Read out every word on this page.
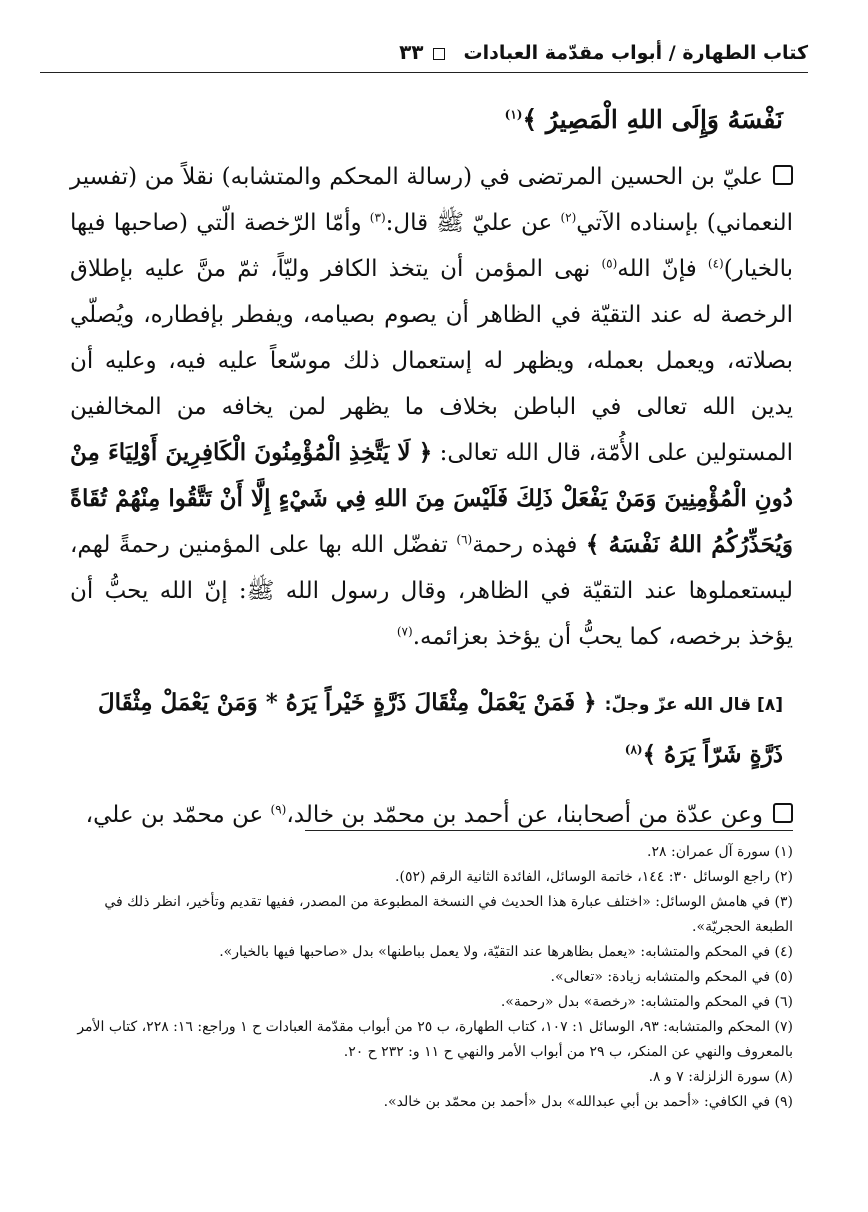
كتاب الطهارة / أبواب مقدّمة العبادات
٣٣
نَفْسَهُ وَإِلَى اللهِ الْمَصِيرُ ﴾$^{(١)}$

عليّ بن الحسين المرتضى في (رسالة المحكم والمتشابه) نقلاً من (تفسير النعماني) بإسناده الآتي$^{(٢)}$ عن عليّ ﷺ قال:$^{(٣)}$ وأمّا الرّخصة الّتي (صاحبها فيها بالخيار)$^{(٤)}$ فإنّ الله$^{(٥)}$ نهى المؤمن أن يتخذ الكافر وليّاً، ثمّ منَّ عليه بإطلاق الرخصة له عند التقيّة في الظاهر أن يصوم بصيامه، ويفطر بإفطاره، ويُصلّي بصلاته، ويعمل بعمله، ويظهر له إستعمال ذلك موسّعاً عليه فيه، وعليه أن يدين الله تعالى في الباطن بخلاف ما يظهر لمن يخافه من المخالفين المستولين على الأُمّة، قال الله تعالى: ﴿ لَا يَتَّخِذِ الْمُؤْمِنُونَ الْكَافِرِينَ أَوْلِيَاءَ مِنْ دُونِ الْمُؤْمِنِينَ وَمَنْ يَفْعَلْ ذَلِكَ فَلَيْسَ مِنَ اللهِ فِي شَيْءٍ إِلَّا أَنْ تَتَّقُوا مِنْهُمْ تُقَاةً وَيُحَذِّرُكُمُ اللهُ نَفْسَهُ ﴾ فهذه رحمة$^{(٦)}$ تفضّل الله بها على المؤمنين رحمةً لهم، ليستعملوها عند التقيّة في الظاهر، وقال رسول الله ﷺ: إنّ الله يحبُّ أن يؤخذ برخصه، كما يحبُّ أن يؤخذ بعزائمه.$^{(٧)}$

[٨] قال الله عزّ وجلّ: ﴿ فَمَنْ يَعْمَلْ مِثْقَالَ ذَرَّةٍ خَيْراً يَرَهُ * وَمَنْ يَعْمَلْ مِثْقَالَ ذَرَّةٍ شَرّاً يَرَهُ ﴾$^{(٨)}$

وعن عدّة من أصحابنا، عن أحمد بن محمّد بن خالد،$^{(٩)}$ عن محمّد بن علي،

(١) سورة آل عمران: ٢٨.

(٢) راجع الوسائل ٣٠: ١٤٤، خاتمة الوسائل، الفائدة الثانية الرقم (٥٢).

(٣) في هامش الوسائل: «اختلف عبارة هذا الحديث في النسخة المطبوعة من المصدر، ففيها تقديم وتأخير، انظر ذلك في الطبعة الحجريّة».

(٤) في المحكم والمتشابه: «يعمل بظاهرها عند التقيّة، ولا يعمل بباطنها» بدل «صاحبها فيها بالخيار».

(٥) في المحكم والمتشابه زيادة: «تعالى».

(٦) في المحكم والمتشابه: «رخصة» بدل «رحمة».

(٧) المحكم والمتشابه: ٩٣، الوسائل ١: ١٠٧، كتاب الطهارة، ب ٢٥ من أبواب مقدّمة العبادات ح ١ وراجع: ١٦: ٢٢٨، كتاب الأمر بالمعروف والنهي عن المنكر، ب ٢٩ من أبواب الأمر والنهي ح ١١ و: ٢٣٢ ح ٢٠.

(٨) سورة الزلزلة: ٧ و ٨.

(٩) في الكافي: «أحمد بن أبي عبدالله» بدل «أحمد بن محمّد بن خالد».
